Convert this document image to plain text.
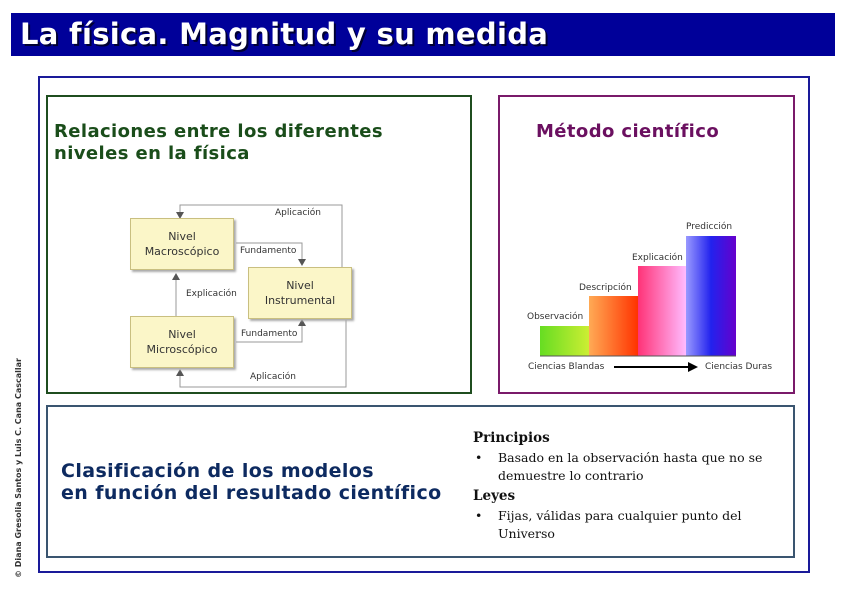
La física. Magnitud y su medida
Relaciones entre los diferentes
niveles en la física
Nivel
Macroscópico
Nivel
Instrumental
Nivel
Microscópico
Aplicación
Fundamento
Explicación
Fundamento
Aplicación
Método científico
Observación
Descripción
Explicación
Predicción
Ciencias Blandas	Ciencias Duras
Clasificación de los modelos
en función del resultado científico
Principios
•	Basado en la observación hasta que no se demuestre lo contrario
Leyes
•	Fijas, válidas para cualquier punto del Universo
© Diana Gresolia Santos y Luis C. Cana Cascallar
